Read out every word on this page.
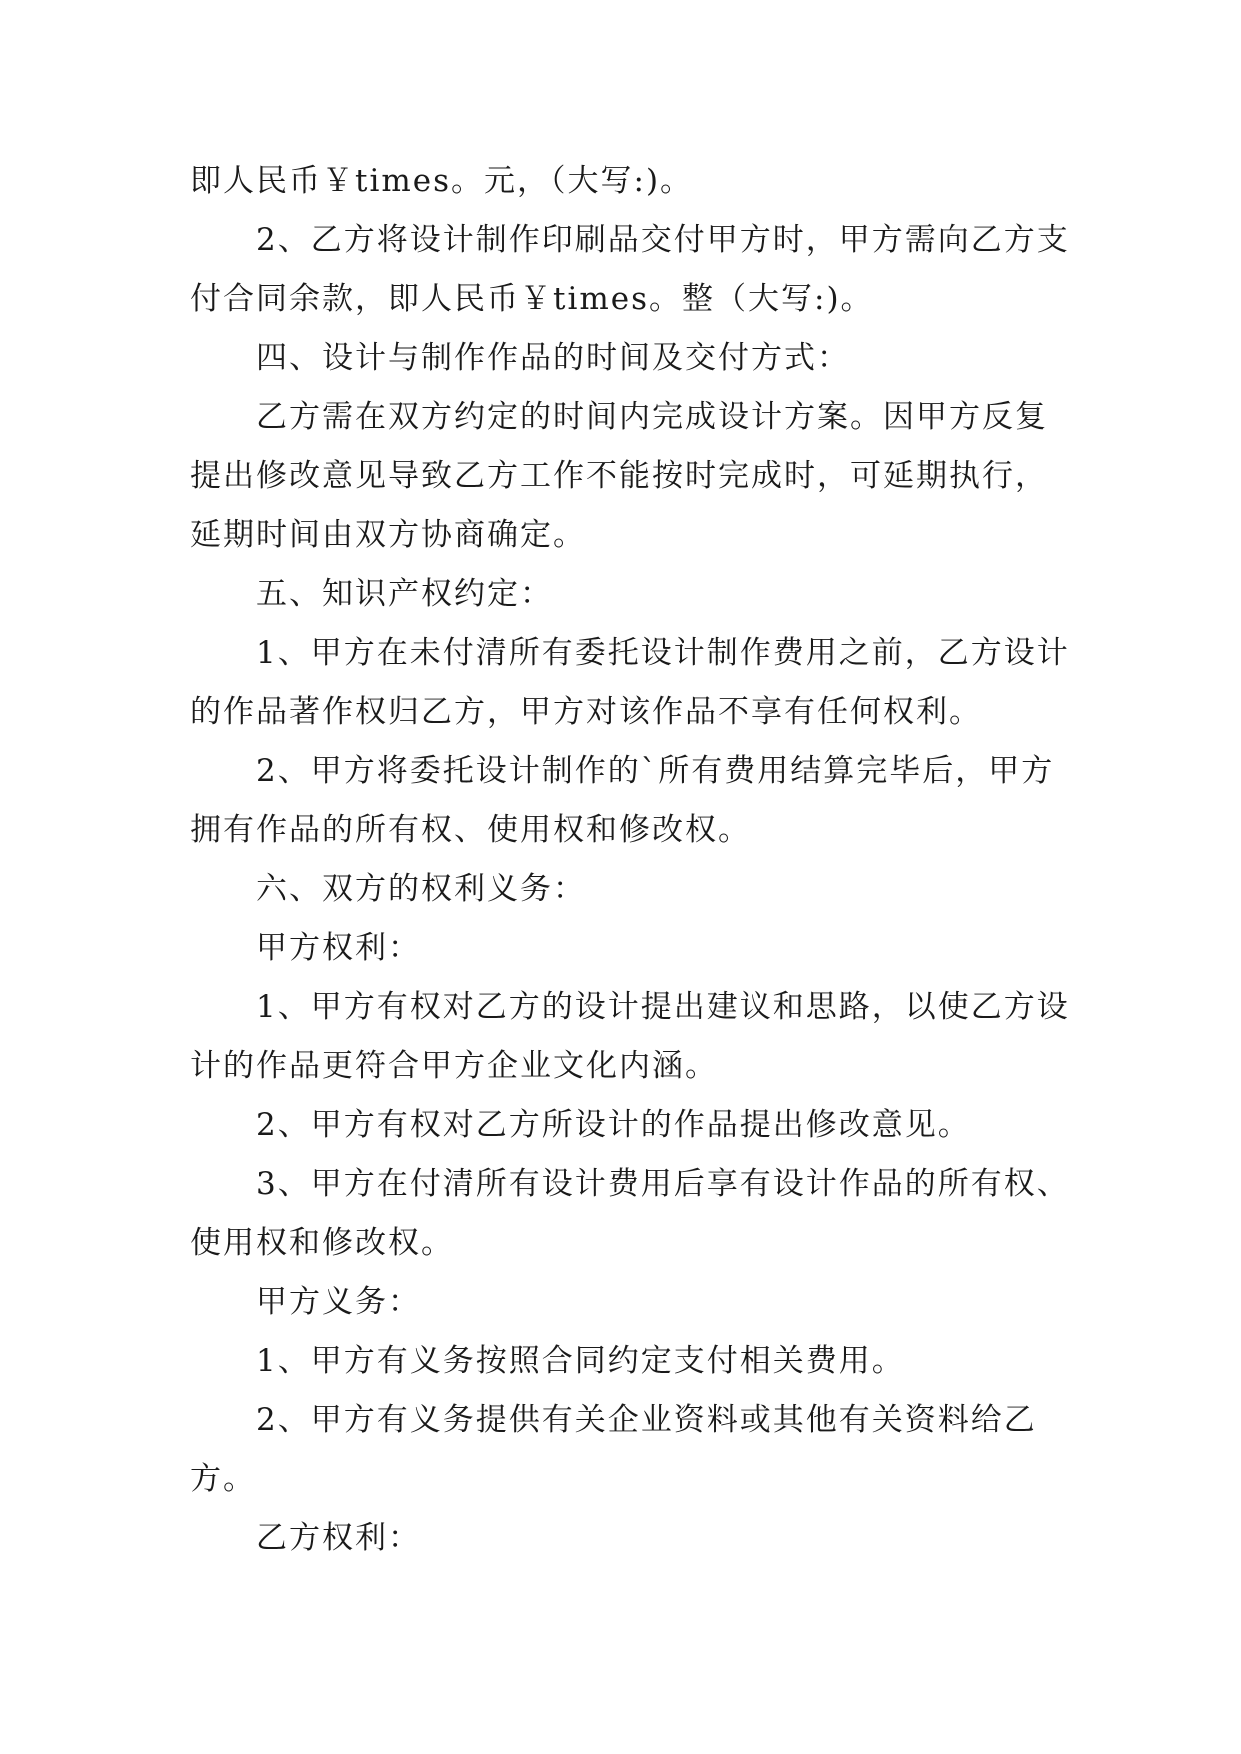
即人民币￥times。元，（大写:)。

2、乙方将设计制作印刷品交付甲方时，甲方需向乙方支付合同余款，即人民币￥times。整（大写:)。

四、设计与制作作品的时间及交付方式：

乙方需在双方约定的时间内完成设计方案。因甲方反复提出修改意见导致乙方工作不能按时完成时，可延期执行，延期时间由双方协商确定。

五、知识产权约定：

1、甲方在未付清所有委托设计制作费用之前，乙方设计的作品著作权归乙方，甲方对该作品不享有任何权利。

2、甲方将委托设计制作的`所有费用结算完毕后，甲方拥有作品的所有权、使用权和修改权。

六、双方的权利义务：

甲方权利：

1、甲方有权对乙方的设计提出建议和思路，以使乙方设计的作品更符合甲方企业文化内涵。

2、甲方有权对乙方所设计的作品提出修改意见。

3、甲方在付清所有设计费用后享有设计作品的所有权、使用权和修改权。

甲方义务：

1、甲方有义务按照合同约定支付相关费用。

2、甲方有义务提供有关企业资料或其他有关资料给乙方。

乙方权利：
